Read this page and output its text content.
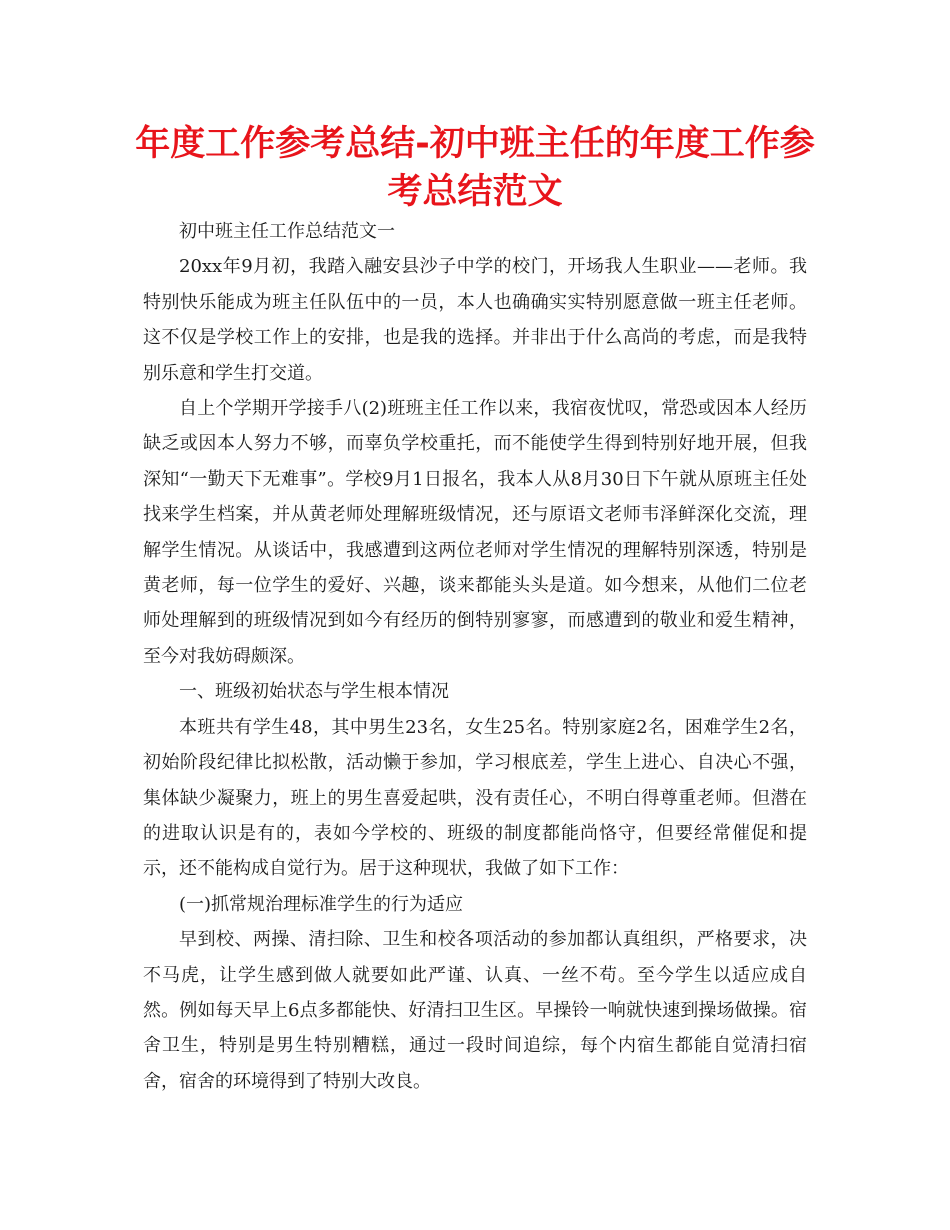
年度工作参考总结-初中班主任的年度工作参考总结范文

初中班主任工作总结范文一

20xx年9月初，我踏入融安县沙子中学的校门，开场我人生职业——老师。我特别快乐能成为班主任队伍中的一员，本人也确确实实特别愿意做一班主任老师。这不仅是学校工作上的安排，也是我的选择。并非出于什么高尚的考虑，而是我特别乐意和学生打交道。

自上个学期开学接手八(2)班班主任工作以来，我宿夜忧叹，常恐或因本人经历缺乏或因本人努力不够，而辜负学校重托，而不能使学生得到特别好地开展，但我深知“一勤天下无难事”。学校9月1日报名，我本人从8月30日下午就从原班主任处找来学生档案，并从黄老师处理解班级情况，还与原语文老师韦泽鲜深化交流，理解学生情况。从谈话中，我感遭到这两位老师对学生情况的理解特别深透，特别是黄老师，每一位学生的爱好、兴趣，谈来都能头头是道。如今想来，从他们二位老师处理解到的班级情况到如今有经历的倒特别寥寥，而感遭到的敬业和爱生精神，至今对我妨碍颇深。

一、班级初始状态与学生根本情况

本班共有学生48，其中男生23名，女生25名。特别家庭2名，困难学生2名，初始阶段纪律比拟松散，活动懒于参加，学习根底差，学生上进心、自决心不强，集体缺少凝聚力，班上的男生喜爱起哄，没有责任心，不明白得尊重老师。但潜在的进取认识是有的，表如今学校的、班级的制度都能尚恪守，但要经常催促和提示，还不能构成自觉行为。居于这种现状，我做了如下工作：

(一)抓常规治理标准学生的行为适应

早到校、两操、清扫除、卫生和校各项活动的参加都认真组织，严格要求，决不马虎，让学生感到做人就要如此严谨、认真、一丝不苟。至今学生以适应成自然。例如每天早上6点多都能快、好清扫卫生区。早操铃一响就快速到操场做操。宿舍卫生，特别是男生特别糟糕，通过一段时间追综，每个内宿生都能自觉清扫宿舍，宿舍的环境得到了特别大改良。
